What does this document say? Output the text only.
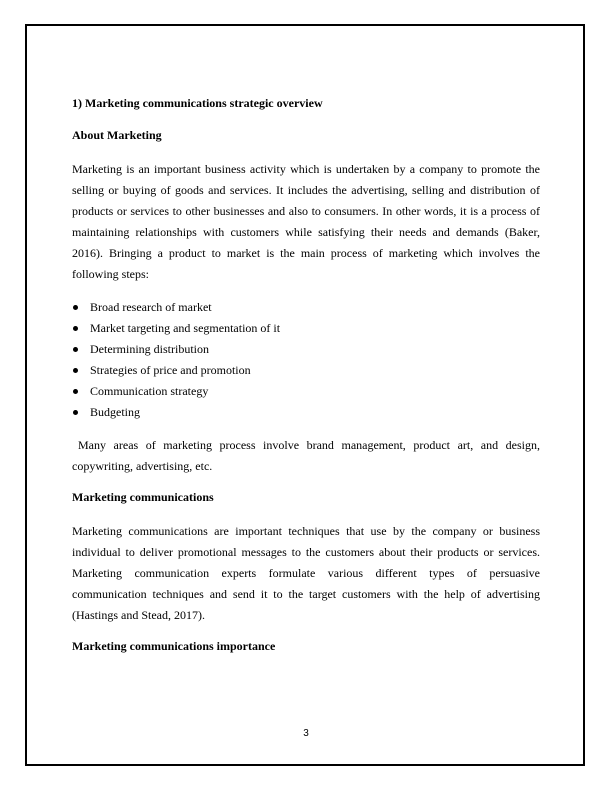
1) Marketing communications strategic overview

About Marketing

Marketing is an important business activity which is undertaken by a company to promote the selling or buying of goods and services. It includes the advertising, selling and distribution of products or services to other businesses and also to consumers. In other words, it is a process of maintaining relationships with customers while satisfying their needs and demands (Baker, 2016). Bringing a product to market is the main process of marketing which involves the following steps:

Broad research of market
Market targeting and segmentation of it
Determining distribution
Strategies of price and promotion
Communication strategy
Budgeting

Many areas of marketing process involve brand management, product art, and design, copywriting, advertising, etc.

Marketing communications

Marketing communications are important techniques that use by the company or business individual to deliver promotional messages to the customers about their products or services. Marketing communication experts formulate various different types of persuasive communication techniques and send it to the target customers with the help of advertising (Hastings and Stead, 2017).

Marketing communications importance

3
